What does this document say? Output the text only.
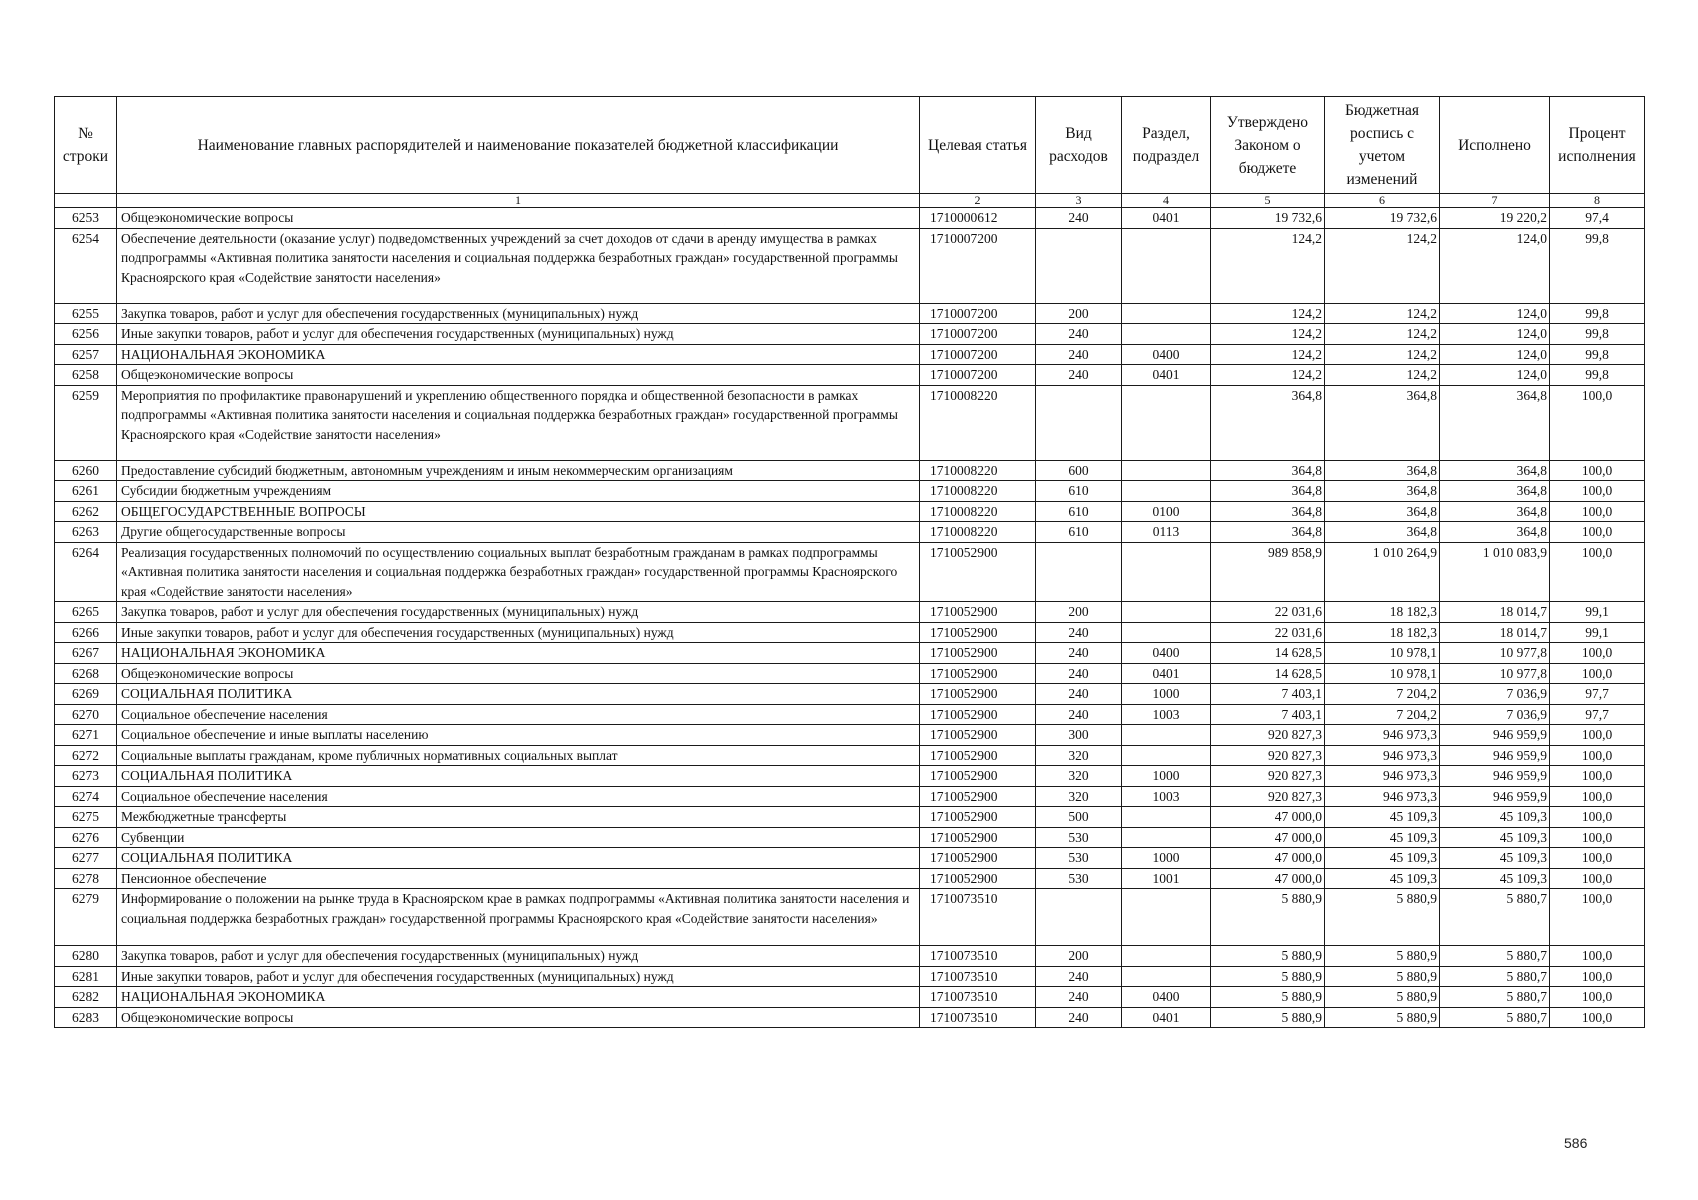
№ строки	Наименование главных распорядителей и наименование показателей бюджетной классификации	Целевая статья	Вид расходов	Раздел, подраздел	Утверждено Законом о бюджете	Бюджетная роспись с учетом изменений	Исполнено	Процент исполнения
	1	2	3	4	5	6	7	8
6253	Общеэкономические вопросы	1710000612	240	0401	19 732,6	19 732,6	19 220,2	97,4
6254	Обеспечение деятельности (оказание услуг) подведомственных учреждений за счет доходов от сдачи в аренду имущества в рамках подпрограммы «Активная политика занятости населения и социальная поддержка безработных граждан» государственной программы Красноярского края «Содействие занятости населения»	1710007200			124,2	124,2	124,0	99,8
6255	Закупка товаров, работ и услуг для обеспечения государственных (муниципальных) нужд	1710007200	200		124,2	124,2	124,0	99,8
6256	Иные закупки товаров, работ и услуг для обеспечения государственных (муниципальных) нужд	1710007200	240		124,2	124,2	124,0	99,8
6257	НАЦИОНАЛЬНАЯ ЭКОНОМИКА	1710007200	240	0400	124,2	124,2	124,0	99,8
6258	Общеэкономические вопросы	1710007200	240	0401	124,2	124,2	124,0	99,8
6259	Мероприятия по профилактике правонарушений и укреплению общественного порядка и общественной безопасности в рамках подпрограммы «Активная политика занятости населения и социальная поддержка безработных граждан» государственной программы Красноярского края «Содействие занятости населения»	1710008220			364,8	364,8	364,8	100,0
6260	Предоставление субсидий бюджетным, автономным учреждениям и иным некоммерческим организациям	1710008220	600		364,8	364,8	364,8	100,0
6261	Субсидии бюджетным учреждениям	1710008220	610		364,8	364,8	364,8	100,0
6262	ОБЩЕГОСУДАРСТВЕННЫЕ ВОПРОСЫ	1710008220	610	0100	364,8	364,8	364,8	100,0
6263	Другие общегосударственные вопросы	1710008220	610	0113	364,8	364,8	364,8	100,0
6264	Реализация государственных полномочий по осуществлению социальных выплат безработным гражданам в рамках подпрограммы «Активная политика занятости населения и социальная поддержка безработных граждан» государственной программы Красноярского края «Содействие занятости населения»	1710052900			989 858,9	1 010 264,9	1 010 083,9	100,0
6265	Закупка товаров, работ и услуг для обеспечения государственных (муниципальных) нужд	1710052900	200		22 031,6	18 182,3	18 014,7	99,1
6266	Иные закупки товаров, работ и услуг для обеспечения государственных (муниципальных) нужд	1710052900	240		22 031,6	18 182,3	18 014,7	99,1
6267	НАЦИОНАЛЬНАЯ ЭКОНОМИКА	1710052900	240	0400	14 628,5	10 978,1	10 977,8	100,0
6268	Общеэкономические вопросы	1710052900	240	0401	14 628,5	10 978,1	10 977,8	100,0
6269	СОЦИАЛЬНАЯ ПОЛИТИКА	1710052900	240	1000	7 403,1	7 204,2	7 036,9	97,7
6270	Социальное обеспечение населения	1710052900	240	1003	7 403,1	7 204,2	7 036,9	97,7
6271	Социальное обеспечение и иные выплаты населению	1710052900	300		920 827,3	946 973,3	946 959,9	100,0
6272	Социальные выплаты гражданам, кроме публичных нормативных социальных выплат	1710052900	320		920 827,3	946 973,3	946 959,9	100,0
6273	СОЦИАЛЬНАЯ ПОЛИТИКА	1710052900	320	1000	920 827,3	946 973,3	946 959,9	100,0
6274	Социальное обеспечение населения	1710052900	320	1003	920 827,3	946 973,3	946 959,9	100,0
6275	Межбюджетные трансферты	1710052900	500		47 000,0	45 109,3	45 109,3	100,0
6276	Субвенции	1710052900	530		47 000,0	45 109,3	45 109,3	100,0
6277	СОЦИАЛЬНАЯ ПОЛИТИКА	1710052900	530	1000	47 000,0	45 109,3	45 109,3	100,0
6278	Пенсионное обеспечение	1710052900	530	1001	47 000,0	45 109,3	45 109,3	100,0
6279	Информирование о положении на рынке труда в Красноярском крае в рамках подпрограммы «Активная политика занятости населения и социальная поддержка безработных граждан» государственной программы Красноярского края «Содействие занятости населения»	1710073510			5 880,9	5 880,9	5 880,7	100,0
6280	Закупка товаров, работ и услуг для обеспечения государственных (муниципальных) нужд	1710073510	200		5 880,9	5 880,9	5 880,7	100,0
6281	Иные закупки товаров, работ и услуг для обеспечения государственных (муниципальных) нужд	1710073510	240		5 880,9	5 880,9	5 880,7	100,0
6282	НАЦИОНАЛЬНАЯ ЭКОНОМИКА	1710073510	240	0400	5 880,9	5 880,9	5 880,7	100,0
6283	Общеэкономические вопросы	1710073510	240	0401	5 880,9	5 880,9	5 880,7	100,0
586
